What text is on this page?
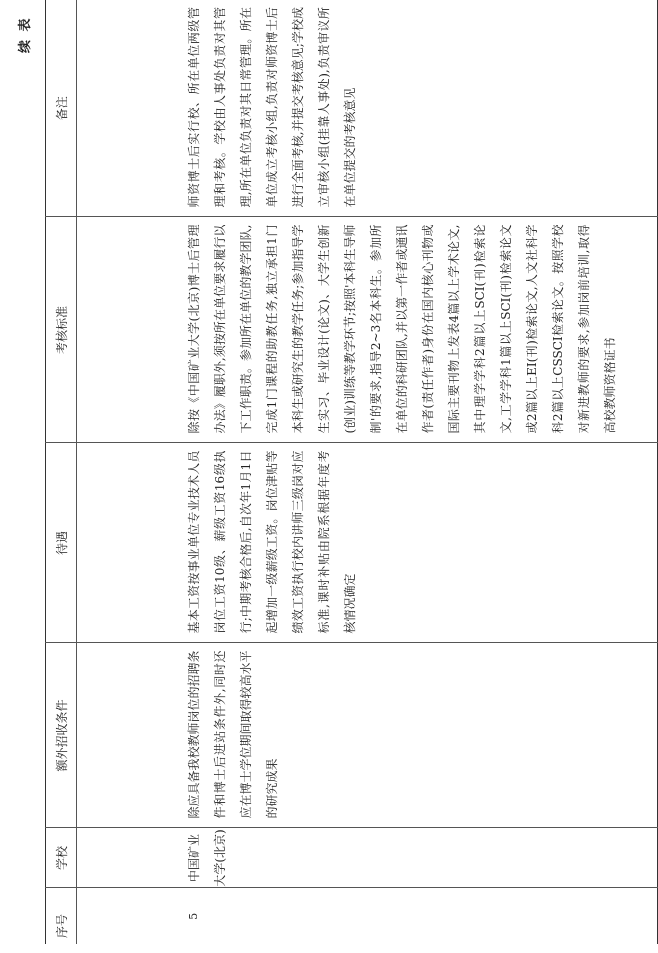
续 表
序号	学校	额外招收条件	待遇	考核标准	备注

5	中国矿业大学(北京)	除应具备我校教师岗位的招聘条件和博士后进站条件外,同时还应在博士学位期间取得较高水平的研究成果	基本工资按事业单位专业技术人员岗位工资10级、薪级工资16级执行;中期考核合格后,自次年1月1日起增加一级薪级工资。岗位津贴等绩效工资执行校内讲师三级岗对应标准,课时补贴由院系根据年度考核情况确定	除按《中国矿业大学(北京)博士后管理办法》履职外,须按所在单位要求履行以下工作职责。参加所在单位的教学团队,完成1门课程的助教任务,独立承担1门本科生或研究生的教学任务;参加指导学生实习、毕业设计(论文)、大学生创新(创业)训练等教学环节;按照'本科生导师制'的要求,指导2~3名本科生。参加所在单位的科研团队,并以第一作者或通讯作者(责任作者)身份在国内核心刊物或国际主要刊物上发表4篇以上学术论文,其中理学学科2篇以上SCI(刊)检索论文,工学学科1篇以上SCI(刊)检索论文或2篇以上EI(刊)检索论文,人文社科学科2篇以上CSSCI检索论文。按照学校对新进教师的要求,参加岗前培训,取得高校教师资格证书	师资博士后实行校、所在单位两级管理和考核。学校由人事处负责对其管理,所在单位负责对其日常管理。所在单位成立考核小组,负责对师资博士后进行全面考核,并提交考核意见;学校成立审核小组(挂靠人事处),负责审议所在单位提交的考核意见
